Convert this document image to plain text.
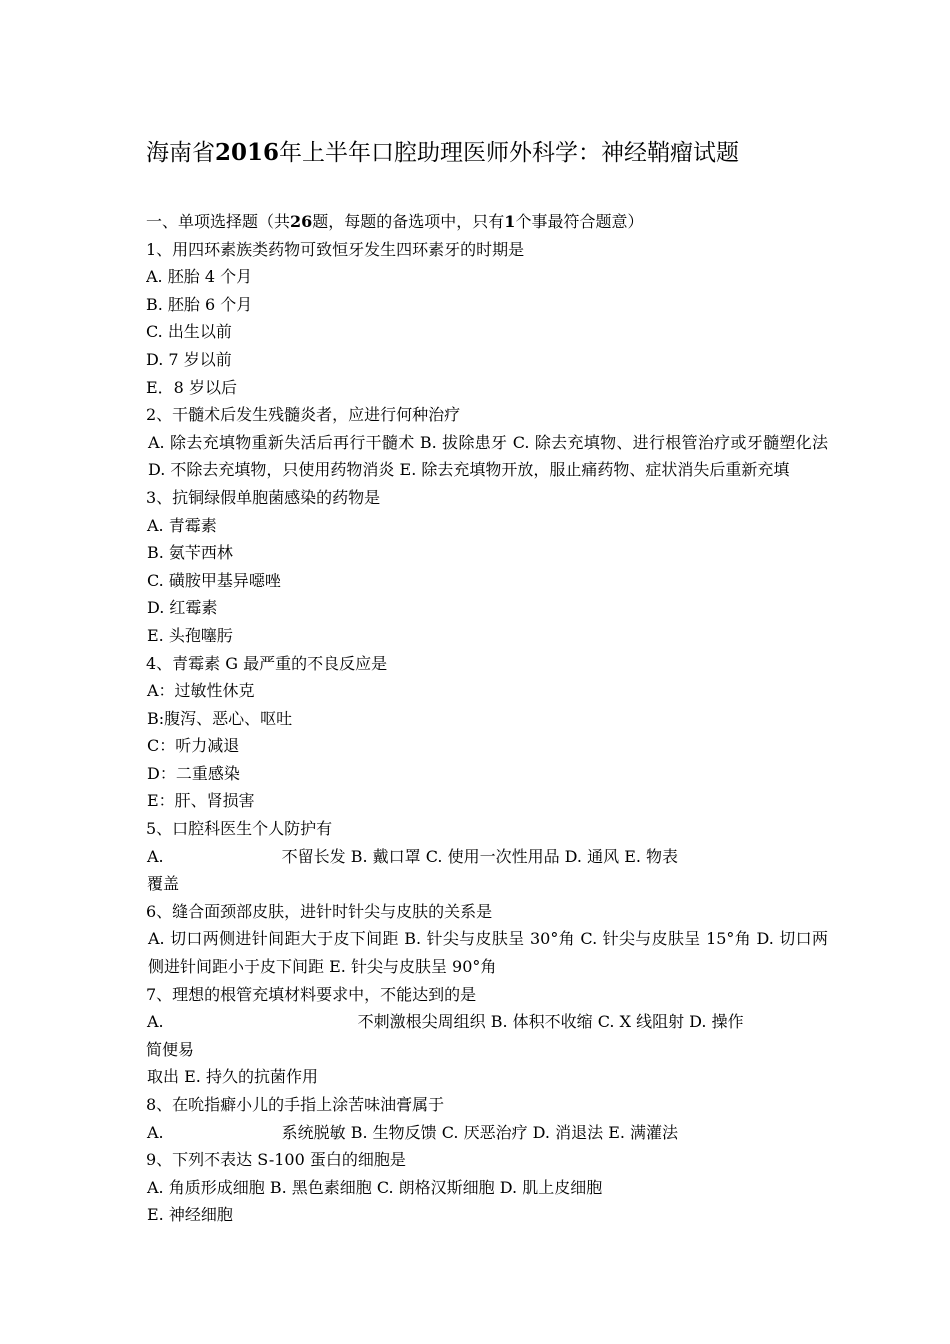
海南省2016年上半年口腔助理医师外科学：神经鞘瘤试题
一、单项选择题（共26题，每题的备选项中，只有1个事最符合题意）
1、用四环素族类药物可致恒牙发生四环素牙的时期是
A. 胚胎 4 个月
B. 胚胎 6 个月
C. 出生以前
D. 7 岁以前
E．8 岁以后
2、干髓术后发生残髓炎者，应进行何种治疗
A. 除去充填物重新失活后再行干髓术 B. 拔除患牙 C. 除去充填物、进行根管治疗或牙髓塑化法 D. 不除去充填物，只使用药物消炎 E. 除去充填物开放，服止痛药物、症状消失后重新充填
3、抗铜绿假单胞菌感染的药物是
A. 青霉素
B. 氨苄西林
C. 磺胺甲基异噁唑
D. 红霉素
E. 头孢噻肟
4、青霉素 G 最严重的不良反应是
A：过敏性休克
B:腹泻、恶心、呕吐
C：听力减退
D：二重感染
E：肝、肾损害
5、口腔科医生个人防护有
A.	不留长发 B. 戴口罩 C. 使用一次性用品 D. 通风 E. 物表
覆盖
6、缝合面颈部皮肤，进针时针尖与皮肤的关系是
A. 切口两侧进针间距大于皮下间距 B. 针尖与皮肤呈 30°角 C. 针尖与皮肤呈 15°角 D. 切口两侧进针间距小于皮下间距 E. 针尖与皮肤呈 90°角
7、理想的根管充填材料要求中，不能达到的是
A.	不刺激根尖周组织 B. 体积不收缩 C. X 线阻射 D. 操作
简便易
取出 E. 持久的抗菌作用
8、在吮指癖小儿的手指上涂苦味油膏属于
A.	系统脱敏 B. 生物反馈 C. 厌恶治疗 D. 消退法 E. 满灌法
9、下列不表达 S-100 蛋白的细胞是
A. 角质形成细胞 B. 黑色素细胞 C. 朗格汉斯细胞 D. 肌上皮细胞
E. 神经细胞
